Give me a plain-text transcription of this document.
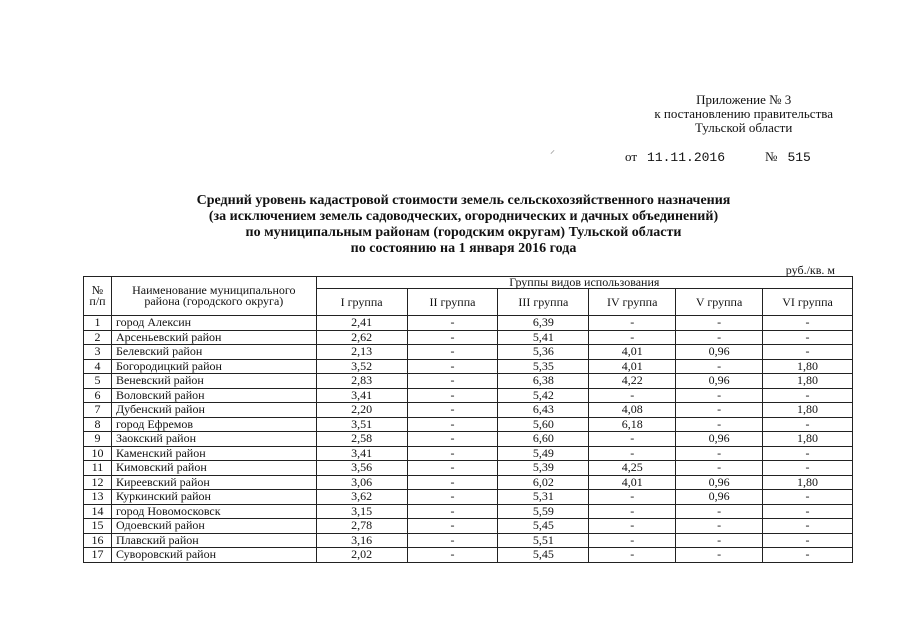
Приложение № 3
к постановлению правительства
Тульской области
⸝	от 11.11.2016	№ 515
Средний уровень кадастровой стоимости земель сельскохозяйственного назначения
(за исключением земель садоводческих, огороднических и дачных объединений)
по муниципальным районам (городским округам) Тульской области
по состоянию на 1 января 2016 года
руб./кв. м
№ п/п	Наименование муниципального района (городского округа)	Группы видов использования					
		I группа	II группа	III группа	IV группа	V группа	VI группа
1	город Алексин	2,41	-	6,39	-	-	-
2	Арсеньевский район	2,62	-	5,41	-	-	-
3	Белевский район	2,13	-	5,36	4,01	0,96	-
4	Богородицкий район	3,52	-	5,35	4,01	-	1,80
5	Веневский район	2,83	-	6,38	4,22	0,96	1,80
6	Воловский район	3,41	-	5,42	-	-	-
7	Дубенский район	2,20	-	6,43	4,08	-	1,80
8	город Ефремов	3,51	-	5,60	6,18	-	-
9	Заокский район	2,58	-	6,60	-	0,96	1,80
10	Каменский район	3,41	-	5,49	-	-	-
11	Кимовский район	3,56	-	5,39	4,25	-	-
12	Киреевский район	3,06	-	6,02	4,01	0,96	1,80
13	Куркинский район	3,62	-	5,31	-	0,96	-
14	город Новомосковск	3,15	-	5,59	-	-	-
15	Одоевский район	2,78	-	5,45	-	-	-
16	Плавский район	3,16	-	5,51	-	-	-
17	Суворовский район	2,02	-	5,45	-	-	-
